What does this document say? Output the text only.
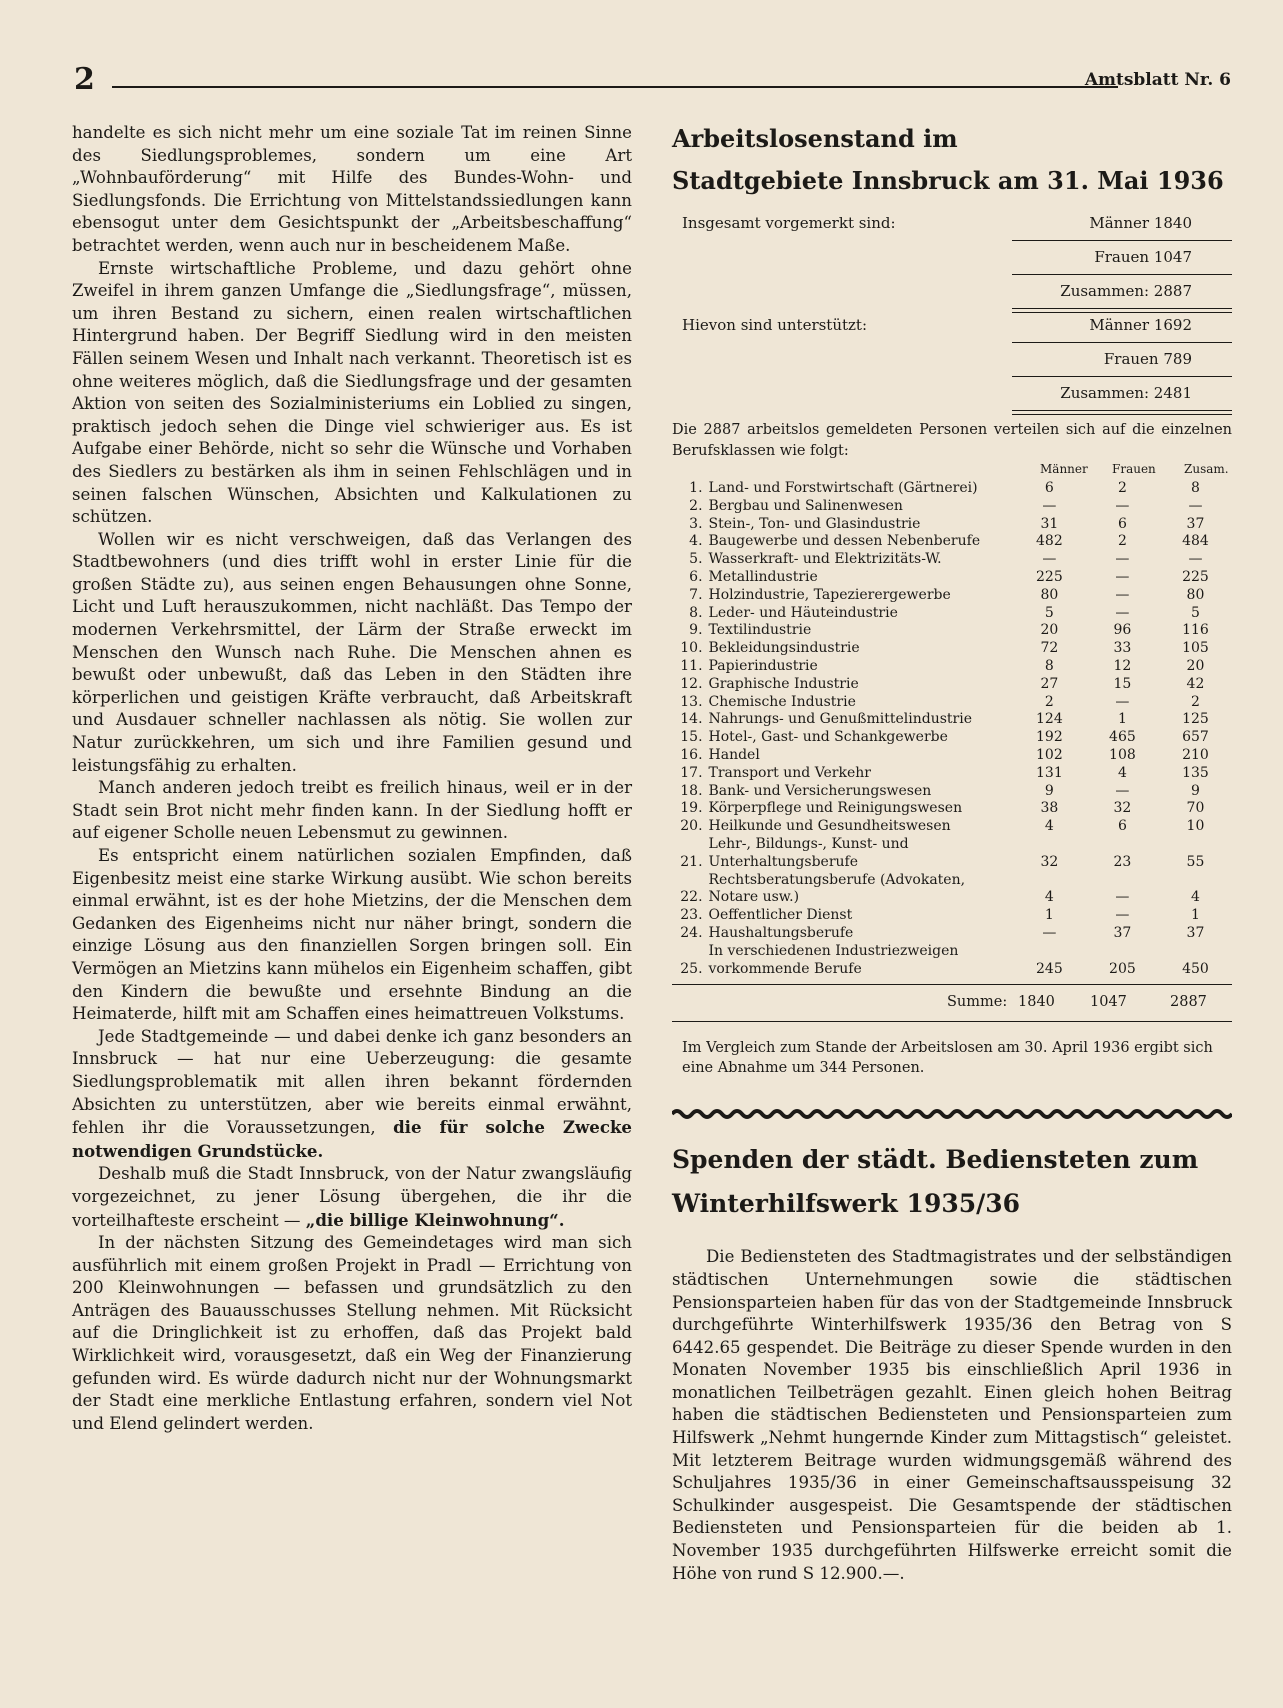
2	Amtsblatt Nr. 6

handelte es sich nicht mehr um eine soziale Tat im reinen Sinne des Siedlungsproblemes, sondern um eine Art „Wohnbauförderung“ mit Hilfe des Bundes-Wohn- und Siedlungsfonds. Die Errichtung von Mittelstandssiedlungen kann ebensogut unter dem Gesichtspunkt der „Arbeitsbeschaffung“ betrachtet werden, wenn auch nur in bescheidenem Maße.

Ernste wirtschaftliche Probleme, und dazu gehört ohne Zweifel in ihrem ganzen Umfange die „Siedlungsfrage“, müssen, um ihren Bestand zu sichern, einen realen wirtschaftlichen Hintergrund haben. Der Begriff Siedlung wird in den meisten Fällen seinem Wesen und Inhalt nach verkannt. Theoretisch ist es ohne weiteres möglich, daß die Siedlungsfrage und der gesamten Aktion von seiten des Sozialministeriums ein Loblied zu singen, praktisch jedoch sehen die Dinge viel schwieriger aus. Es ist Aufgabe einer Behörde, nicht so sehr die Wünsche und Vorhaben des Siedlers zu bestärken als ihm in seinen Fehlschlägen und in seinen falschen Wünschen, Absichten und Kalkulationen zu schützen.

Wollen wir es nicht verschweigen, daß das Verlangen des Stadtbewohners (und dies trifft wohl in erster Linie für die großen Städte zu), aus seinen engen Behausungen ohne Sonne, Licht und Luft herauszukommen, nicht nachläßt. Das Tempo der modernen Verkehrsmittel, der Lärm der Straße erweckt im Menschen den Wunsch nach Ruhe. Die Menschen ahnen es bewußt oder unbewußt, daß das Leben in den Städten ihre körperlichen und geistigen Kräfte verbraucht, daß Arbeitskraft und Ausdauer schneller nachlassen als nötig. Sie wollen zur Natur zurückkehren, um sich und ihre Familien gesund und leistungsfähig zu erhalten.

Manch anderen jedoch treibt es freilich hinaus, weil er in der Stadt sein Brot nicht mehr finden kann. In der Siedlung hofft er auf eigener Scholle neuen Lebensmut zu gewinnen.

Es entspricht einem natürlichen sozialen Empfinden, daß Eigenbesitz meist eine starke Wirkung ausübt. Wie schon bereits einmal erwähnt, ist es der hohe Mietzins, der die Menschen dem Gedanken des Eigenheims nicht nur näher bringt, sondern die einzige Lösung aus den finanziellen Sorgen bringen soll. Ein Vermögen an Mietzins kann mühelos ein Eigenheim schaffen, gibt den Kindern die bewußte und ersehnte Bindung an die Heimaterde, hilft mit am Schaffen eines heimattreuen Volkstums.

Jede Stadtgemeinde — und dabei denke ich ganz besonders an Innsbruck — hat nur eine Ueberzeugung: die gesamte Siedlungsproblematik mit allen ihren bekannt fördernden Absichten zu unterstützen, aber wie bereits einmal erwähnt, fehlen ihr die Voraussetzungen, die für solche Zwecke notwendigen Grundstücke.

Deshalb muß die Stadt Innsbruck, von der Natur zwangsläufig vorgezeichnet, zu jener Lösung übergehen, die ihr die vorteilhafteste erscheint — „die billige Kleinwohnung“.

In der nächsten Sitzung des Gemeindetages wird man sich ausführlich mit einem großen Projekt in Pradl — Errichtung von 200 Kleinwohnungen — befassen und grundsätzlich zu den Anträgen des Bauausschusses Stellung nehmen. Mit Rücksicht auf die Dringlichkeit ist zu erhoffen, daß das Projekt bald Wirklichkeit wird, vorausgesetzt, daß ein Weg der Finanzierung gefunden wird. Es würde dadurch nicht nur der Wohnungsmarkt der Stadt eine merkliche Entlastung erfahren, sondern viel Not und Elend gelindert werden.

Arbeitslosenstand im
Stadtgebiete Innsbruck am 31. Mai 1936
Insgesamt vorgemerkt sind:	Männer 1840
Frauen 1047
Zusammen: 2887
Hievon sind unterstützt:	Männer 1692
Frauen 789
Zusammen: 2481

Die 2887 arbeitslos gemeldeten Personen verteilen sich auf die einzelnen Berufsklassen wie folgt:

Männer Frauen Zusam.
1.	Land- und Forstwirtschaft (Gärtnerei)	6	2	8
2.	Bergbau und Salinenwesen	—	—	—
3.	Stein-, Ton- und Glasindustrie	31	6	37
4.	Baugewerbe und dessen Nebenberufe	482	2	484
5.	Wasserkraft- und Elektrizitäts-W.	—	—	—
6.	Metallindustrie	225	—	225
7.	Holzindustrie, Tapezierergewerbe	80	—	80
8.	Leder- und Häuteindustrie	5	—	5
9.	Textilindustrie	20	96	116
10.	Bekleidungsindustrie	72	33	105
11.	Papierindustrie	8	12	20
12.	Graphische Industrie	27	15	42
13.	Chemische Industrie	2	—	2
14.	Nahrungs- und Genußmittelindustrie	124	1	125
15.	Hotel-, Gast- und Schankgewerbe	192	465	657
16.	Handel	102	108	210
17.	Transport und Verkehr	131	4	135
18.	Bank- und Versicherungswesen	9	—	9
19.	Körperpflege und Reinigungswesen	38	32	70
20.	Heilkunde und Gesundheitswesen	4	6	10
21.	Lehr-, Bildungs-, Kunst- und Unterhaltungsberufe	32	23	55
22.	Rechtsberatungsberufe (Advokaten, Notare usw.)	4	—	4
23.	Oeffentlicher Dienst	1	—	1
24.	Haushaltungsberufe	—	37	37
25.	In verschiedenen Industriezweigen vorkommende Berufe	245	205	450
Summe: 1840 1047	2887

Im Vergleich zum Stande der Arbeitslosen am 30. April 1936 ergibt sich eine Abnahme um 344 Personen.

Spenden der städt. Bediensteten zum
Winterhilfswerk 1935/36

Die Bediensteten des Stadtmagistrates und der selbständigen städtischen Unternehmungen sowie die städtischen Pensionsparteien haben für das von der Stadtgemeinde Innsbruck durchgeführte Winterhilfswerk 1935/36 den Betrag von S 6442.65 gespendet. Die Beiträge zu dieser Spende wurden in den Monaten November 1935 bis einschließlich April 1936 in monatlichen Teilbeträgen gezahlt. Einen gleich hohen Beitrag haben die städtischen Bediensteten und Pensionsparteien zum Hilfswerk „Nehmt hungernde Kinder zum Mittagstisch“ geleistet. Mit letzterem Beitrage wurden widmungsgemäß während des Schuljahres 1935/36 in einer Gemeinschaftsausspeisung 32 Schulkinder ausgespeist. Die Gesamtspende der städtischen Bediensteten und Pensionsparteien für die beiden ab 1. November 1935 durchgeführten Hilfswerke erreicht somit die Höhe von rund S 12.900.—.
